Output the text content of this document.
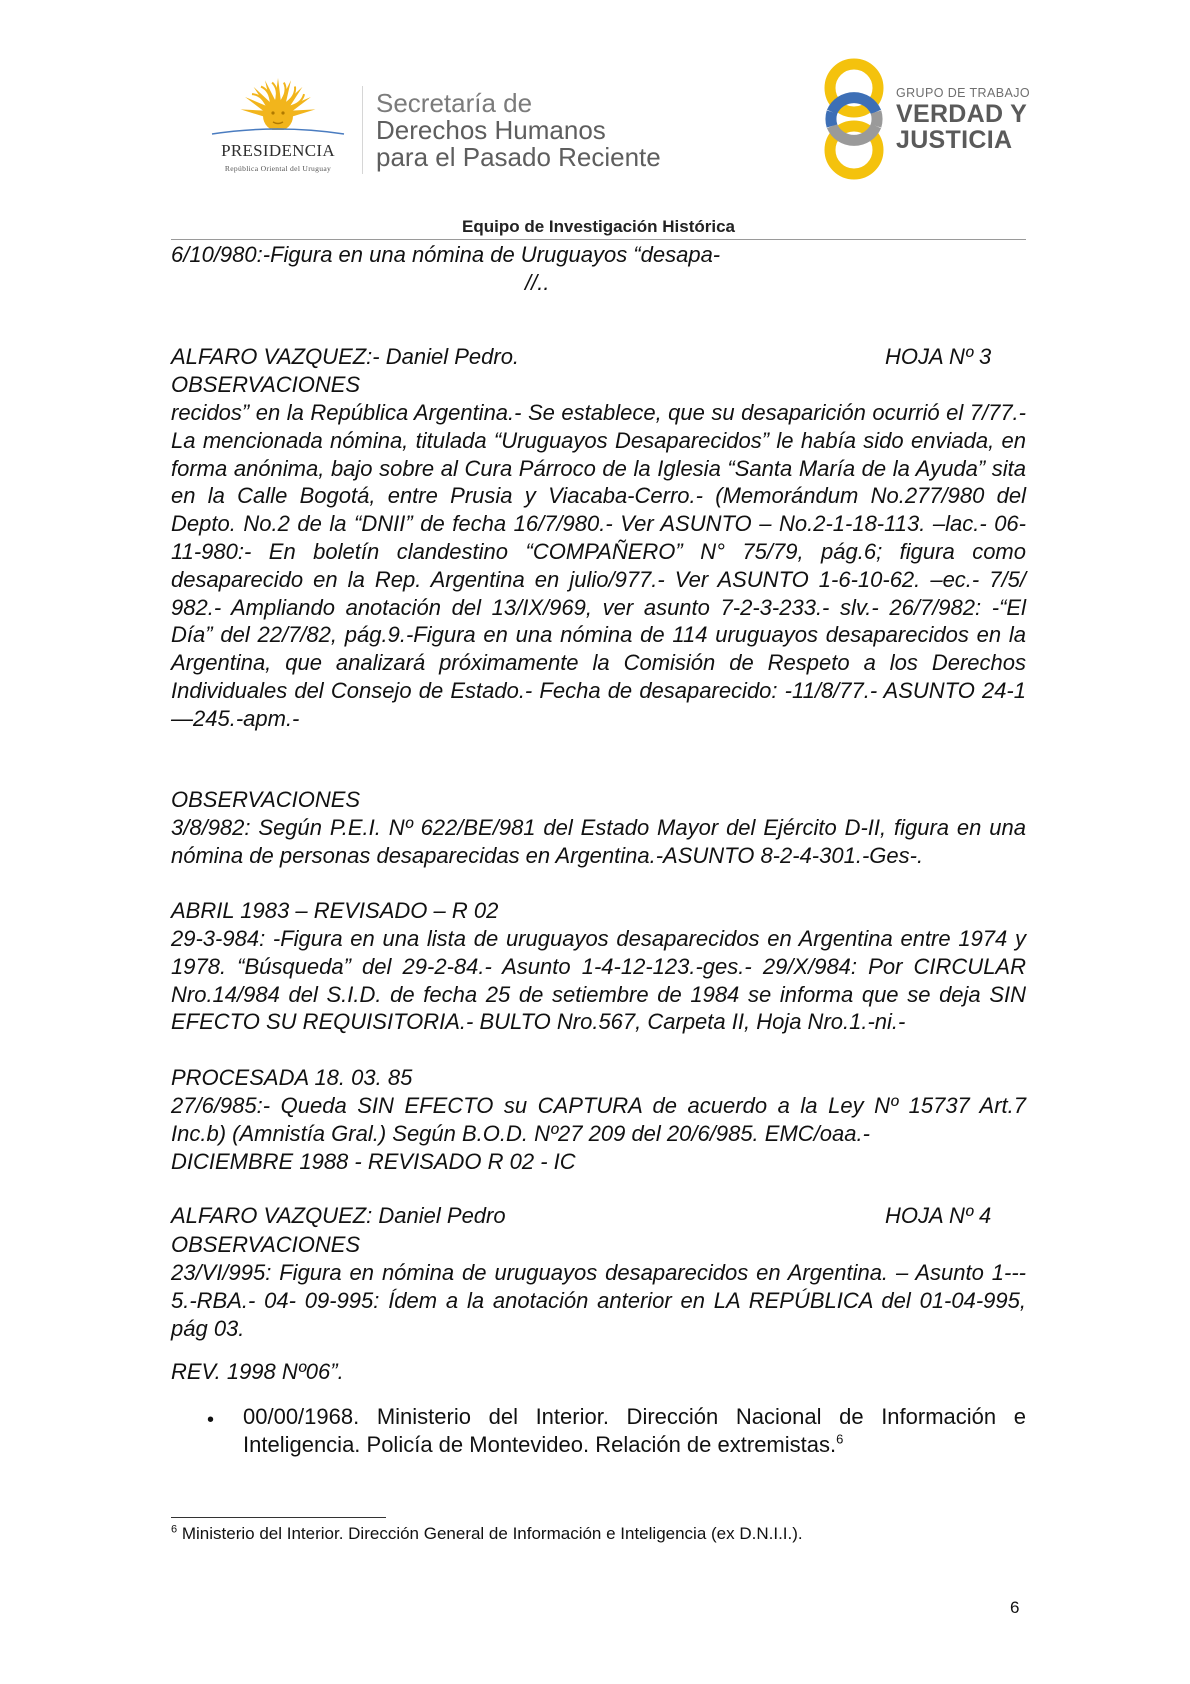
PRESIDENCIA
República Oriental del Uruguay
Secretaría de
Derechos Humanos
para el Pasado Reciente
GRUPO DE TRABAJO
VERDAD Y
JUSTICIA
Equipo de Investigación Histórica
6/10/980:-Figura en una nómina de Uruguayos “desapa-
//..
ALFARO VAZQUEZ:- Daniel Pedro.	HOJA Nº 3
OBSERVACIONES
recidos” en la República Argentina.- Se establece, que su desaparición ocurrió el 7/77.-La mencionada nómina, titulada “Uruguayos Desaparecidos” le había sido enviada, en forma anónima, bajo sobre al Cura Párroco de la Iglesia “Santa María de la Ayuda” sita en la Calle Bogotá, entre Prusia y Viacaba-Cerro.- (Memorándum No.277/980 del Depto. No.2 de la “DNII” de fecha 16/7/980.- Ver ASUNTO – No.2-1-18-113. –lac.- 06-11-980:- En boletín clandestino “COMPAÑERO” N° 75/79, pág.6; figura como desaparecido en la Rep. Argentina en julio/977.- Ver ASUNTO 1-6-10-62. –ec.- 7/5/ 982.- Ampliando anotación del 13/IX/969, ver asunto 7-2-3-233.- slv.- 26/7/982: -“El Día” del 22/7/82, pág.9.-Figura en una nómina de 114 uruguayos desaparecidos en la Argentina, que analizará próximamente la Comisión de Respeto a los Derechos Individuales del Consejo de Estado.- Fecha de desaparecido: -11/8/77.- ASUNTO 24-1—245.-apm.-
OBSERVACIONES
3/8/982: Según P.E.I. Nº 622/BE/981 del Estado Mayor del Ejército D-II, figura en una nómina de personas desaparecidas en Argentina.-ASUNTO 8-2-4-301.-Ges-.
ABRIL 1983 – REVISADO – R 02
29-3-984: -Figura en una lista de uruguayos desaparecidos en Argentina entre 1974 y 1978. “Búsqueda” del 29-2-84.- Asunto 1-4-12-123.-ges.- 29/X/984: Por CIRCULAR Nro.14/984 del S.I.D. de fecha 25 de setiembre de 1984 se informa que se deja SIN EFECTO SU REQUISITORIA.- BULTO Nro.567, Carpeta II, Hoja Nro.1.-ni.-
PROCESADA 18. 03. 85
27/6/985:- Queda SIN EFECTO su CAPTURA de acuerdo a la Ley Nº 15737 Art.7 Inc.b) (Amnistía Gral.) Según B.O.D. Nº27 209 del 20/6/985. EMC/oaa.-
DICIEMBRE 1988 - REVISADO R 02 - IC
ALFARO VAZQUEZ: Daniel Pedro	HOJA Nº 4
OBSERVACIONES
23/VI/995: Figura en nómina de uruguayos desaparecidos en Argentina. – Asunto 1--- 5.-RBA.- 04- 09-995: Ídem a la anotación anterior en LA REPÚBLICA del 01-04-995, pág 03.
REV. 1998 Nº06”.
• 00/00/1968. Ministerio del Interior. Dirección Nacional de Información e Inteligencia. Policía de Montevideo. Relación de extremistas.$^6$
$^6$ Ministerio del Interior. Dirección General de Información e Inteligencia (ex D.N.I.I.).
6
